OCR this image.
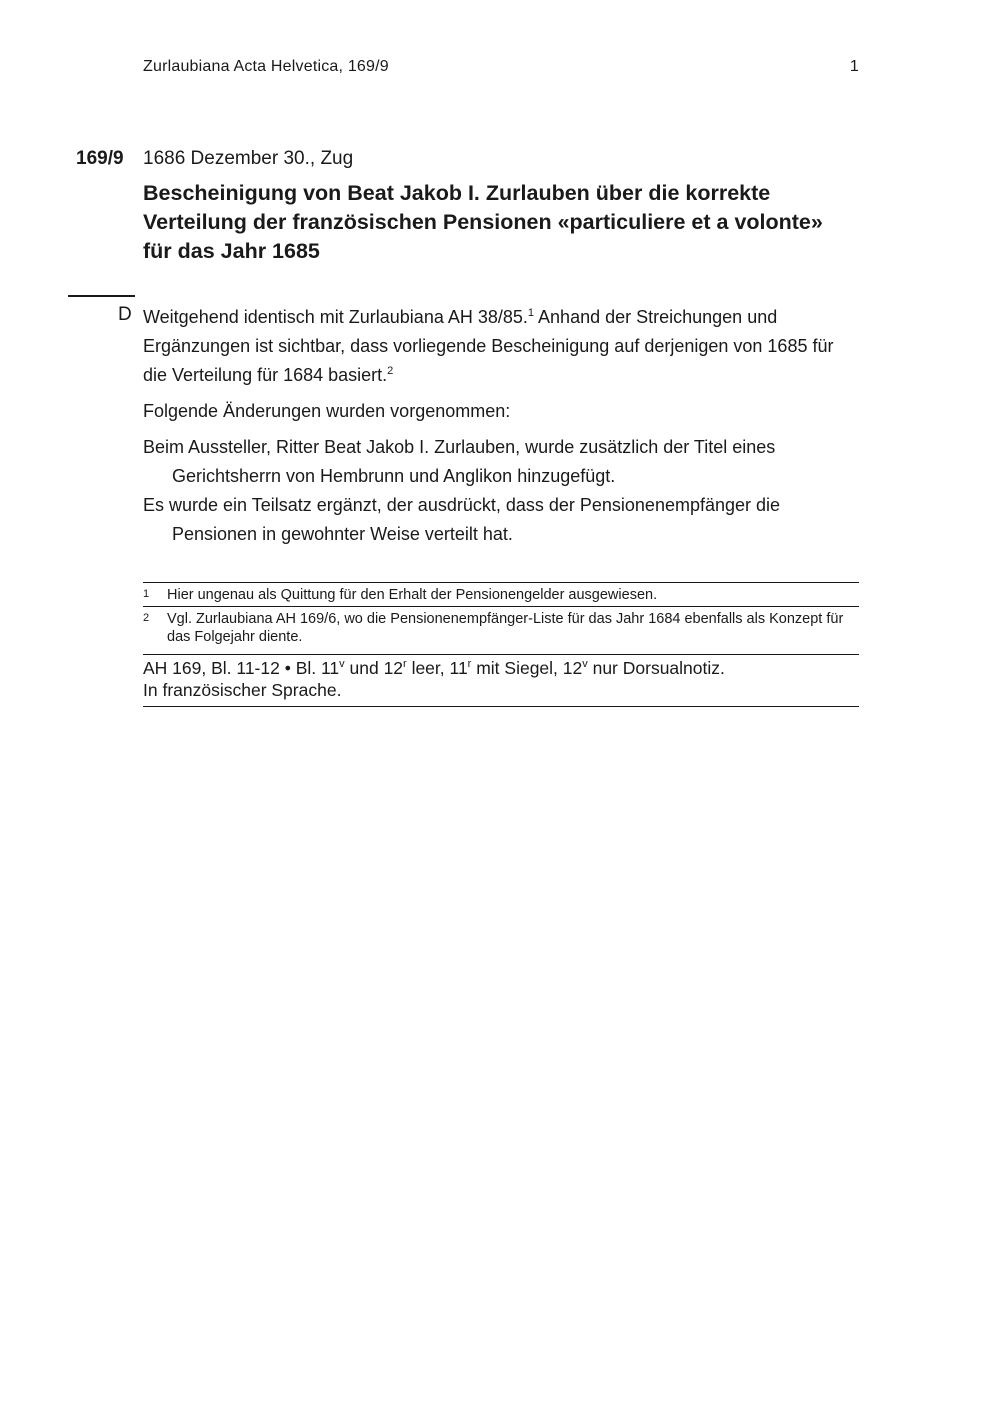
Zurlaubiana Acta Helvetica, 169/9	1
169/9 1686 Dezember 30., Zug
Bescheinigung von Beat Jakob I. Zurlauben über die korrekte Verteilung der französischen Pensionen «particuliere et a volonte» für das Jahr 1685
D Weitgehend identisch mit Zurlaubiana AH 38/85.$^1$ Anhand der Streichungen und Ergänzungen ist sichtbar, dass vorliegende Bescheinigung auf derjenigen von 1685 für die Verteilung für 1684 basiert.$^2$

Folgende Änderungen wurden vorgenommen:

Beim Aussteller, Ritter Beat Jakob I. Zurlauben, wurde zusätzlich der Titel eines Gerichtsherrn von Hembrunn und Anglikon hinzugefügt.

Es wurde ein Teilsatz ergänzt, der ausdrückt, dass der Pensionenempfänger die Pensionen in gewohnter Weise verteilt hat.

1 Hier ungenau als Quittung für den Erhalt der Pensionengelder ausgewiesen.
2 Vgl. Zurlaubiana AH 169/6, wo die Pensionenempfänger-Liste für das Jahr 1684 ebenfalls als Konzept für das Folgejahr diente.
AH 169, Bl. 11-12 • Bl. 11$^v$ und 12$^r$ leer, 11$^r$ mit Siegel, 12$^v$ nur Dorsualnotiz.
In französischer Sprache.
